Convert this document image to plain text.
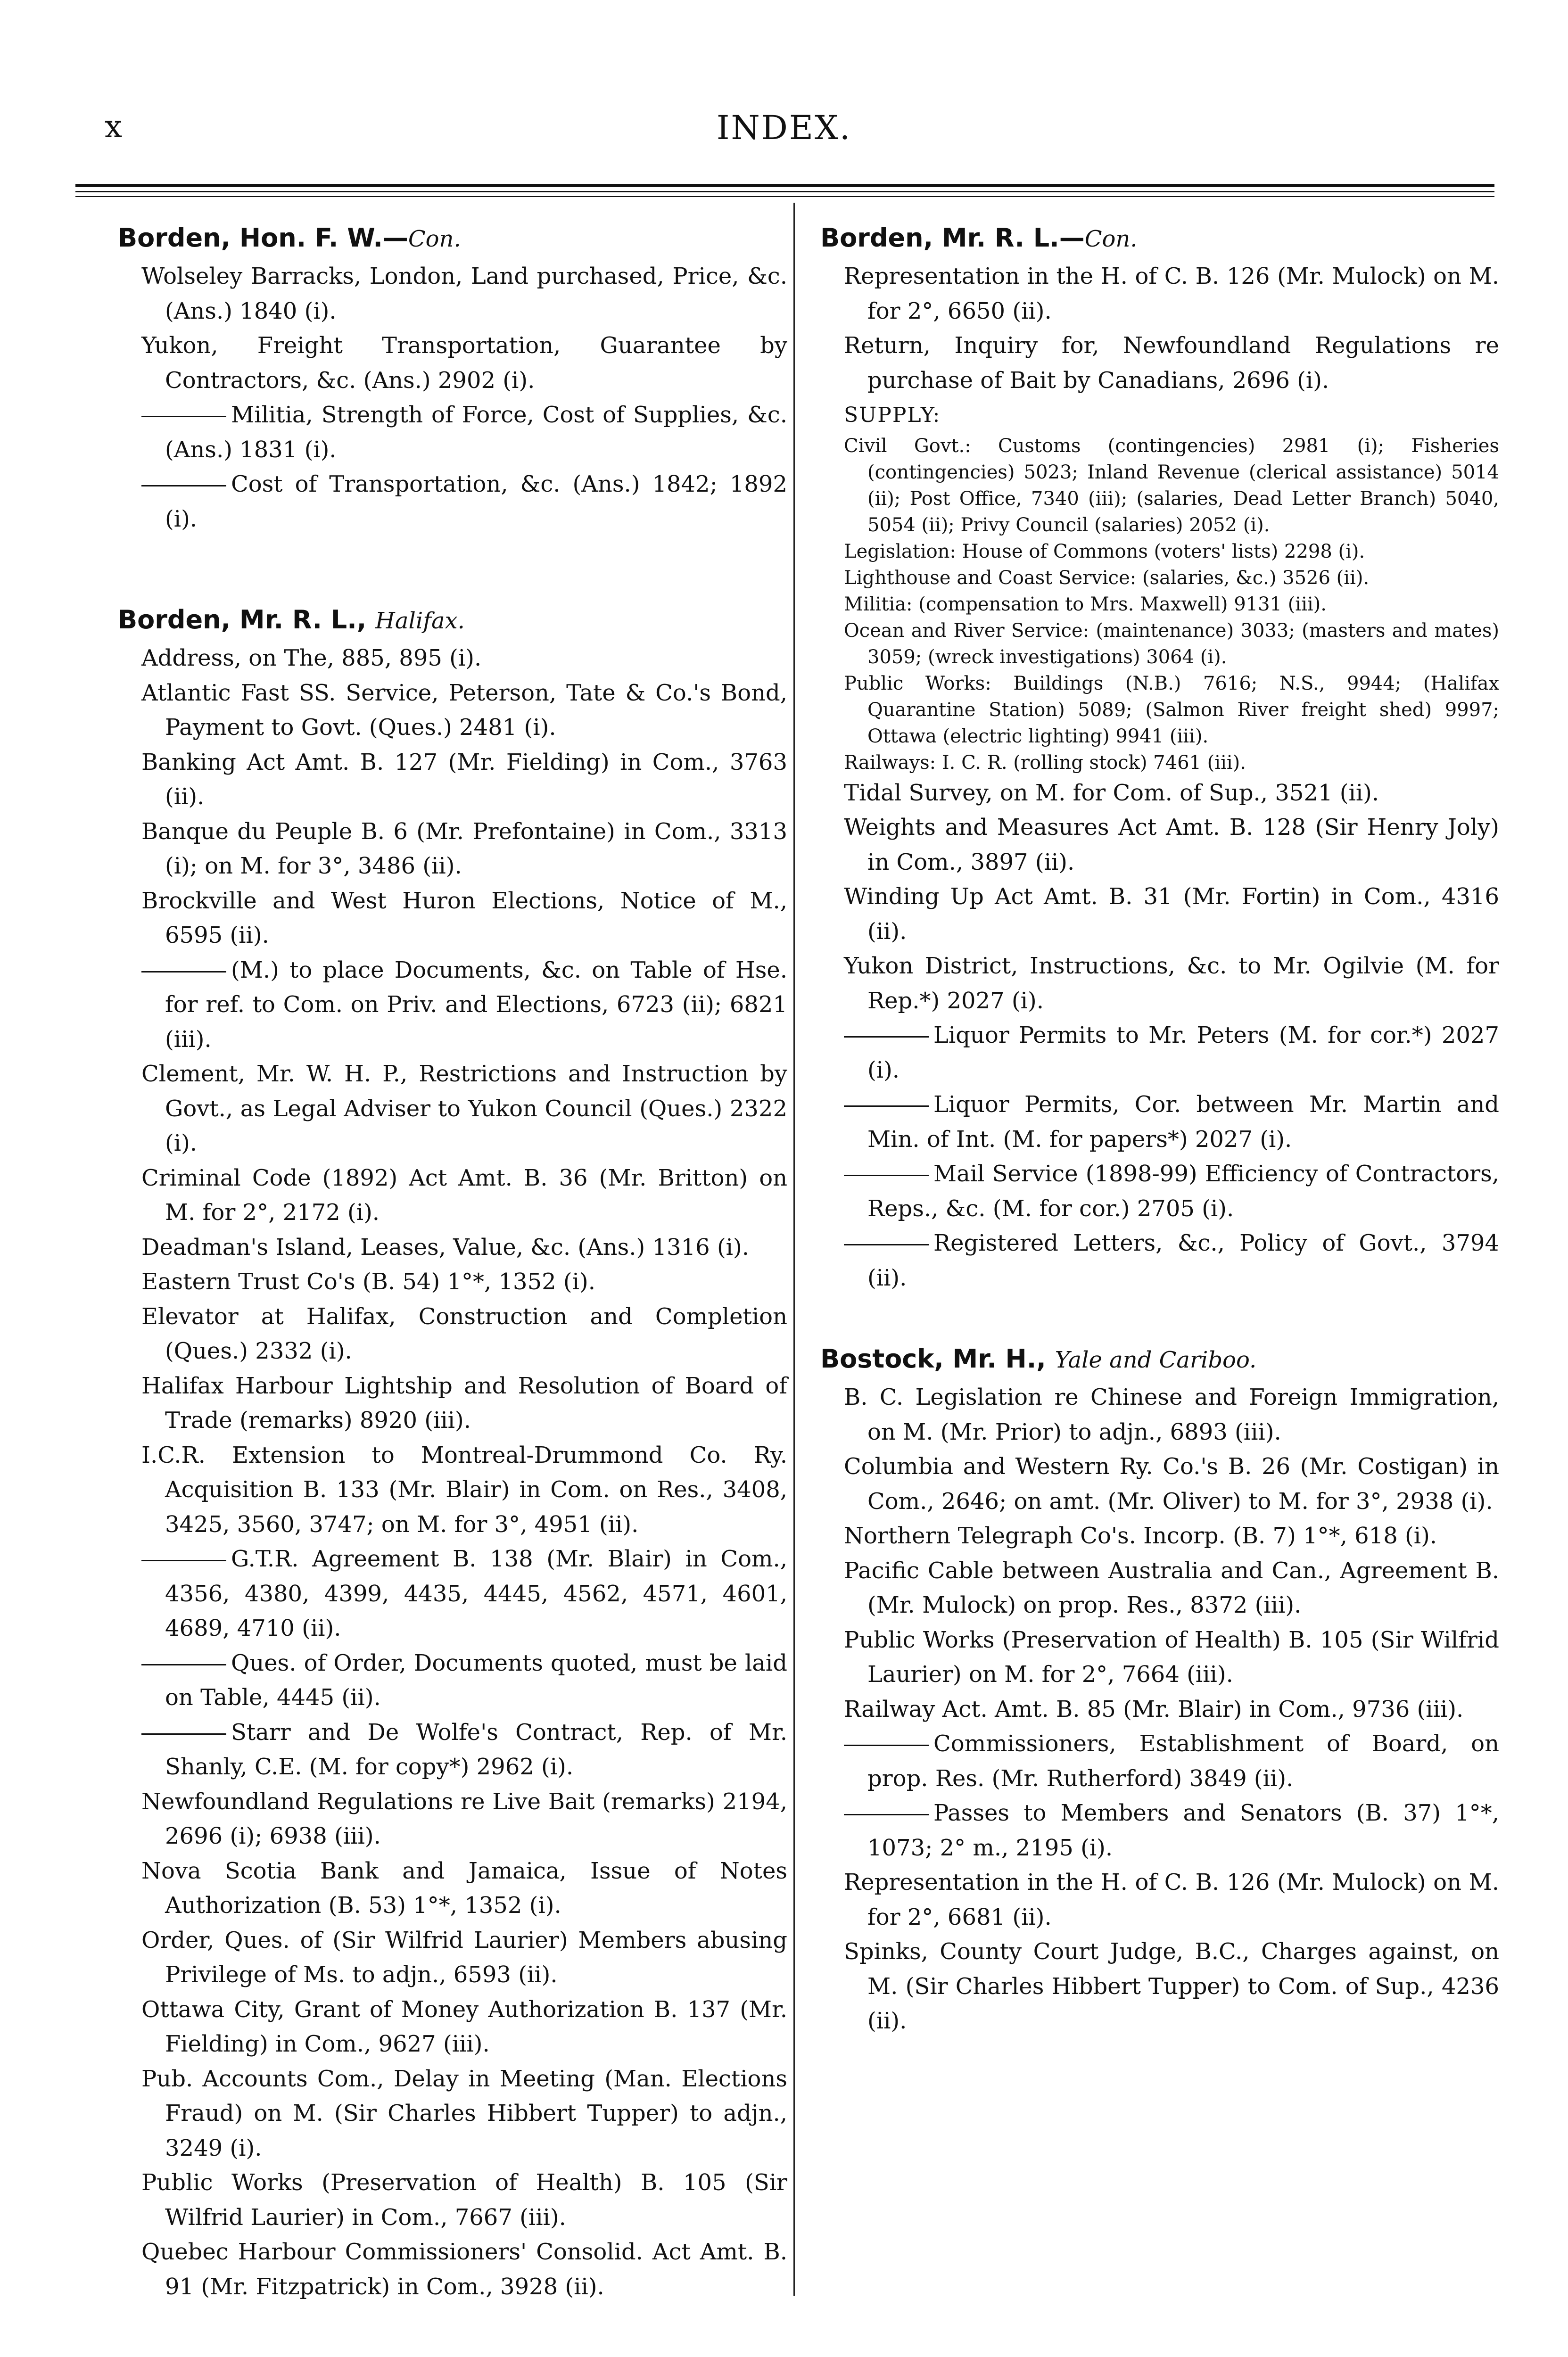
x	INDEX.
Borden, Hon. F. W.—Con.

Wolseley Barracks, London, Land purchased, Price, &c. (Ans.) 1840 (i).

Yukon, Freight Transportation, Guarantee by Contractors, &c. (Ans.) 2902 (i).

Militia, Strength of Force, Cost of Supplies, &c. (Ans.) 1831 (i).

Cost of Transportation, &c. (Ans.) 1842; 1892 (i).

Borden, Mr. R. L., Halifax.

Address, on The, 885, 895 (i).

Atlantic Fast SS. Service, Peterson, Tate & Co.'s Bond, Payment to Govt. (Ques.) 2481 (i).

Banking Act Amt. B. 127 (Mr. Fielding) in Com., 3763 (ii).

Banque du Peuple B. 6 (Mr. Prefontaine) in Com., 3313 (i); on M. for 3°, 3486 (ii).

Brockville and West Huron Elections, Notice of M., 6595 (ii).

(M.) to place Documents, &c. on Table of Hse. for ref. to Com. on Priv. and Elections, 6723 (ii); 6821 (iii).

Clement, Mr. W. H. P., Restrictions and Instruction by Govt., as Legal Adviser to Yukon Council (Ques.) 2322 (i).

Criminal Code (1892) Act Amt. B. 36 (Mr. Britton) on M. for 2°, 2172 (i).

Deadman's Island, Leases, Value, &c. (Ans.) 1316 (i).

Eastern Trust Co's (B. 54) 1°*, 1352 (i).

Elevator at Halifax, Construction and Completion (Ques.) 2332 (i).

Halifax Harbour Lightship and Resolution of Board of Trade (remarks) 8920 (iii).

I.C.R. Extension to Montreal-Drummond Co. Ry. Acquisition B. 133 (Mr. Blair) in Com. on Res., 3408, 3425, 3560, 3747; on M. for 3°, 4951 (ii).

G.T.R. Agreement B. 138 (Mr. Blair) in Com., 4356, 4380, 4399, 4435, 4445, 4562, 4571, 4601, 4689, 4710 (ii).

Ques. of Order, Documents quoted, must be laid on Table, 4445 (ii).

Starr and De Wolfe's Contract, Rep. of Mr. Shanly, C.E. (M. for copy*) 2962 (i).

Newfoundland Regulations re Live Bait (remarks) 2194, 2696 (i); 6938 (iii).

Nova Scotia Bank and Jamaica, Issue of Notes Authorization (B. 53) 1°*, 1352 (i).

Order, Ques. of (Sir Wilfrid Laurier) Members abusing Privilege of Ms. to adjn., 6593 (ii).

Ottawa City, Grant of Money Authorization B. 137 (Mr. Fielding) in Com., 9627 (iii).

Pub. Accounts Com., Delay in Meeting (Man. Elections Fraud) on M. (Sir Charles Hibbert Tupper) to adjn., 3249 (i).

Public Works (Preservation of Health) B. 105 (Sir Wilfrid Laurier) in Com., 7667 (iii).

Quebec Harbour Commissioners' Consolid. Act Amt. B. 91 (Mr. Fitzpatrick) in Com., 3928 (ii).

Borden, Mr. R. L.—Con.

Representation in the H. of C. B. 126 (Mr. Mulock) on M. for 2°, 6650 (ii).

Return, Inquiry for, Newfoundland Regulations re purchase of Bait by Canadians, 2696 (i).

SUPPLY:

Civil Govt.: Customs (contingencies) 2981 (i); Fisheries (contingencies) 5023; Inland Revenue (clerical assistance) 5014 (ii); Post Office, 7340 (iii); (salaries, Dead Letter Branch) 5040, 5054 (ii); Privy Council (salaries) 2052 (i).

Legislation: House of Commons (voters' lists) 2298 (i).

Lighthouse and Coast Service: (salaries, &c.) 3526 (ii).

Militia: (compensation to Mrs. Maxwell) 9131 (iii).

Ocean and River Service: (maintenance) 3033; (masters and mates) 3059; (wreck investigations) 3064 (i).

Public Works: Buildings (N.B.) 7616; N.S., 9944; (Halifax Quarantine Station) 5089; (Salmon River freight shed) 9997; Ottawa (electric lighting) 9941 (iii).

Railways: I. C. R. (rolling stock) 7461 (iii).

Tidal Survey, on M. for Com. of Sup., 3521 (ii).

Weights and Measures Act Amt. B. 128 (Sir Henry Joly) in Com., 3897 (ii).

Winding Up Act Amt. B. 31 (Mr. Fortin) in Com., 4316 (ii).

Yukon District, Instructions, &c. to Mr. Ogilvie (M. for Rep.*) 2027 (i).

Liquor Permits to Mr. Peters (M. for cor.*) 2027 (i).

Liquor Permits, Cor. between Mr. Martin and Min. of Int. (M. for papers*) 2027 (i).

Mail Service (1898-99) Efficiency of Contractors, Reps., &c. (M. for cor.) 2705 (i).

Registered Letters, &c., Policy of Govt., 3794 (ii).

Bostock, Mr. H., Yale and Cariboo.

B. C. Legislation re Chinese and Foreign Immigration, on M. (Mr. Prior) to adjn., 6893 (iii).

Columbia and Western Ry. Co.'s B. 26 (Mr. Costigan) in Com., 2646; on amt. (Mr. Oliver) to M. for 3°, 2938 (i).

Northern Telegraph Co's. Incorp. (B. 7) 1°*, 618 (i).

Pacific Cable between Australia and Can., Agreement B. (Mr. Mulock) on prop. Res., 8372 (iii).

Public Works (Preservation of Health) B. 105 (Sir Wilfrid Laurier) on M. for 2°, 7664 (iii).

Railway Act. Amt. B. 85 (Mr. Blair) in Com., 9736 (iii).

Commissioners, Establishment of Board, on prop. Res. (Mr. Rutherford) 3849 (ii).

Passes to Members and Senators (B. 37) 1°*, 1073; 2° m., 2195 (i).

Representation in the H. of C. B. 126 (Mr. Mulock) on M. for 2°, 6681 (ii).

Spinks, County Court Judge, B.C., Charges against, on M. (Sir Charles Hibbert Tupper) to Com. of Sup., 4236 (ii).
